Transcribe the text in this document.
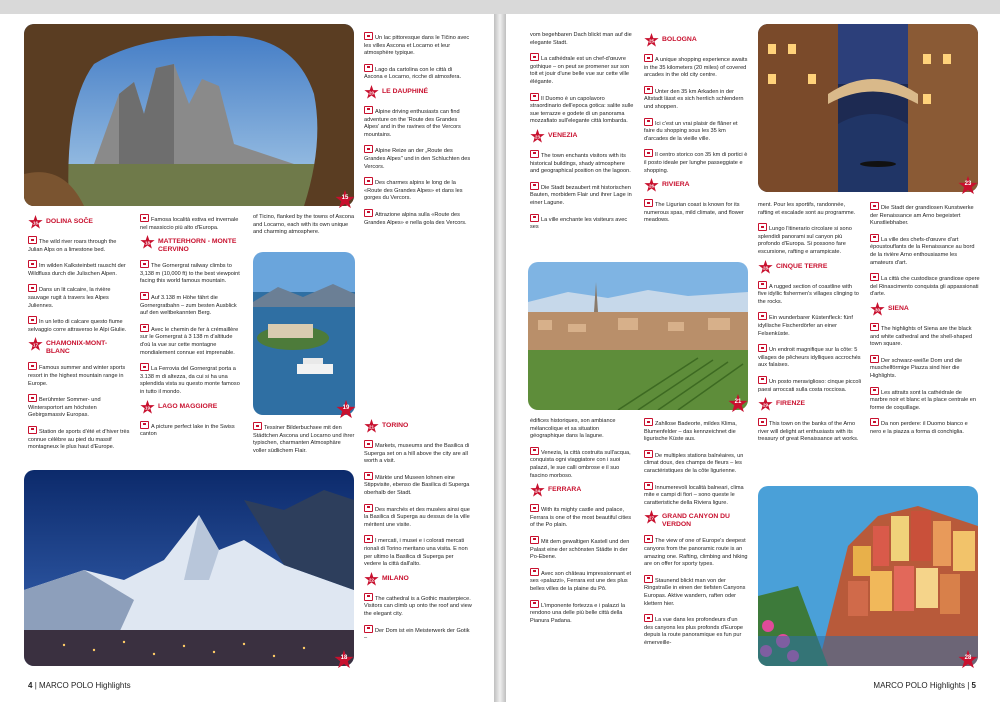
15
19
18
16 DOLINA SOČE

The wild river roars through the Julian Alps on a limestone bed.

Im wilden Kalksteinbett rauscht der Wildfluss durch die Julischen Alpen.

Dans un lit calcaire, la rivière sauvage rugit à travers les Alpes Juliennes.

In un letto di calcare questo fiume selvaggio corre attraverso le Alpi Giulie.

17 CHAMONIX-MONT-BLANC

Famous summer and winter sports resort in the highest mountain range in Europe.

Berühmter Sommer- und Wintersportort am höchsten Gebirgsmassiv Europas.

Station de sports d'été et d'hiver très connue célèbre au pied du massif montagneux le plus haut d'Europe.

Famosa località estiva ed invernale nel massiccio più alto d'Europa.

18 MATTERHORN - MONTE CERVINO

The Gornergrat railway climbs to 3,138 m (10,000 ft) to the best viewpoint facing this world famous mountain.

Auf 3.138 m Höhe fährt die Gornergratbahn – zum besten Ausblick auf den weltbekannten Berg.

Avec le chemin de fer à crémaillère sur le Gornergrat à 3 138 m d'altitude d'où la vue sur cette montagne mondialement connue est imprenable.

La Ferrovia del Gornergrat porta a 3.138 m di altezza, da cui si ha una splendida vista su questo monte famoso in tutto il mondo.

19 LAGO MAGGIORE

A picture perfect lake in the Swiss canton

of Ticino, flanked by the towns of Ascona and Locarno, each with its own unique and charming atmosphere.

Tessiner Bilderbuchsee mit den Städtchen Ascona und Locarno und ihrer typischen, charmanten Atmosphäre voller südlichem Flair.

Un lac pittoresque dans le Tičino avec les villes Ascona et Locarno et leur atmosphère typique.

Lago da cartolina con le città di Ascona e Locarno, ricche di atmosfera.

20 LE DAUPHINÉ

Alpine driving enthusiasts can find adventure on the 'Route des Grandes Alpes' and in the ravines of the Vercors mountains.

Alpine Reize an der „Route des Grandes Alpes" und in den Schluchten des Vercors.

Des charmes alpins le long de la «Route des Grandes Alpes» et dans les gorges du Vercors.

Attrazione alpina sulla «Route des Grandes Alpes» e nella gola des Vercors.

21 TORINO

Markets, museums and the Basilica di Superga set on a hill above the city are all worth a visit.

Märkte und Museen lohnen eine Stippvisite, ebenso die Basilica di Superga oberhalb der Stadt.

Des marchés et des musées ainsi que la Basilica di Superga au dessus de la ville méritent une visite.

I mercati, i musei e i colorati mercati rionali di Torino meritano una visita. E non per ultimo la Basilica di Superga per vedere la città dall'alto.

22 MILANO

The cathedral is a Gothic masterpiece. Visitors can climb up onto the roof and view the elegant city.

Der Dom ist ein Meisterwerk der Gotik –

4 | MARCO POLO Highlights
23
21
28

vom begehbaren Dach blickt man auf die elegante Stadt.

La cathédrale est un chef-d'œuvre gothique – on peut se promener sur son toit et jouir d'une belle vue sur cette ville élégante.

Il Duomo è un capolavoro straordinario dell'epoca gotica: salite sulle sue terrazze e godete di un panorama mozzafiato sull'elegante città lombarda.

23 VENEZIA

The town enchants visitors with its historical buildings, shady atmosphere and geographical position on the lagoon.

Die Stadt bezaubert mit historischen Bauten, morbidem Flair und ihrer Lage in einer Lagune.

La ville enchante les visiteurs avec ses

édifices historiques, son ambiance mélancolique et sa situation géographique dans la lagune.

Venezia, la città costruita sull'acqua, conquista ogni viaggiatore con i suoi palazzi, le sue calli ombrose e il suo fascino morboso.

24 FERRARA

With its mighty castle and palace, Ferrara is one of the most beautiful cities of the Po plain.

Mit dem gewaltigen Kastell und den Palast eine der schönsten Städte in der Po-Ebene.

Avec son château impressionnant et ses «palazzi», Ferrara est une des plus belles villes de la plaine du Pô.

L'imponente fortezza e i palazzi la rendono una delle più belle città della Pianura Padana.

25 BOLOGNA

A unique shopping experience awaits in the 35 kilometers (20 miles) of covered arcades in the old city centre.

Unter den 35 km Arkaden in der Altstadt lässt es sich herrlich schlendern und shoppen.

Ici c'est un vrai plaisir de flâner et faire du shopping sous les 35 km d'arcades de la vieille ville.

Il centro storico con 35 km di portici è il posto ideale per lunghe passeggiate e shopping.

26 RIVIERA

The Ligurian coast is known for its numerous spas, mild climate, and flower meadows.

Zahllose Badeorte, mildes Klima, Blumenfelder – das kennzeichnet die ligurische Küste aus.

De multiples stations balnéaires, un climat doux, des champs de fleurs – les caractéristiques de la côte ligurienne.

Innumerevoli località balneari, clima mite e campi di fiori – sono queste le caratteristiche della Riviera ligure.

27 GRAND CANYON DU VERDON

The view of one of Europe's deepest canyons from the panoramic route is an amazing one. Rafting, climbing and hiking are on offer for sporty types.

Staunend blickt man von der Ringstraße in einen der tiefsten Canyons Europas. Aktive wandern, raften oder klettern hier.

La vue dans les profondeurs d'un des canyons les plus profonds d'Europe depuis la route panoramique es fun pur émerveille-

ment. Pour les sportifs, randonnée, rafting et escalade sont au programme.

Lungo l'itinerario circolare si sono splendidi panorami sul canyon più profondo d'Europa. Si possono fare escursione, rafting e arrampicate.

28 CINQUE TERRE

A rugged section of coastline with five idyllic fishermen's villages clinging to the rocks.

Ein wunderbarer Küstenfleck: fünf idyllische Fischerdörfer an einer Felsenküste.

Un endroit magnifique sur la côte: 5 villages de pêcheurs idylliques accrochés aux falaises.

Un posto meraviglioso: cinque piccoli paesi arroccati sulla costa rocciosa.

29 FIRENZE

This town on the banks of the Arno river will delight art enthusiasts with its treasury of great Renaissance art works.

Die Stadt der grandiosen Kunstwerke der Renaissance am Arno begeistert Kunstliebhaber.

La ville des chefs-d'œuvre d'art époustouflants de la Renaissance au bord de la rivière Arno enthousiasme les amateurs d'art.

La città che custodisce grandiose opere del Rinascimento conquista gli appassionati d'arte.

30 SIENA

The highlights of Siena are the black and white cathedral and the shell-shaped town square.

Der schwarz-weiße Dom und die muschelförmige Piazza sind hier die Highlights.

Les attraits sont la cathédrale de marbre noir et blanc et la place centrale en forme de coquillage.

Da non perdere: il Duomo bianco e nero e la piazza a forma di conchiglia.

MARCO POLO Highlights | 5
